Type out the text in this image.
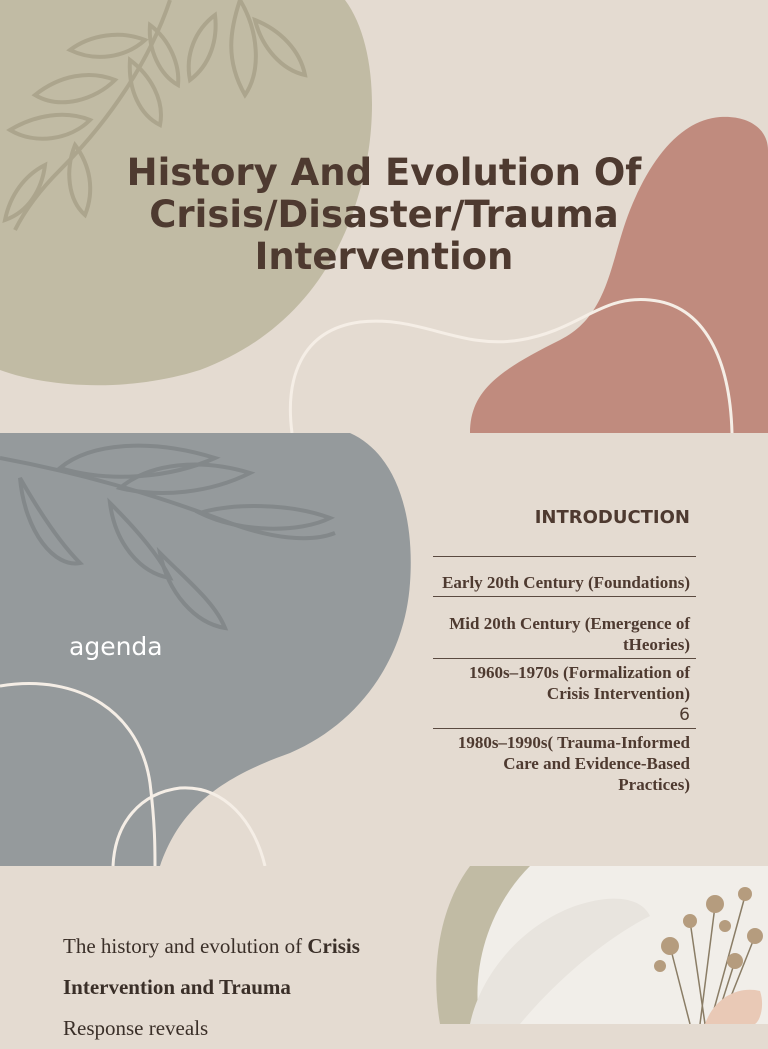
History And Evolution Of Crisis/Disaster/Trauma Intervention
agenda
INTRODUCTION
Early 20th Century (Foundations)
Mid 20th Century (Emergence of tHeories)
1960s–1970s (Formalization of Crisis Intervention)
6
1980s–1990s( Trauma-Informed Care and Evidence-Based Practices)
The history and evolution of Crisis Intervention and Trauma
Response reveals
